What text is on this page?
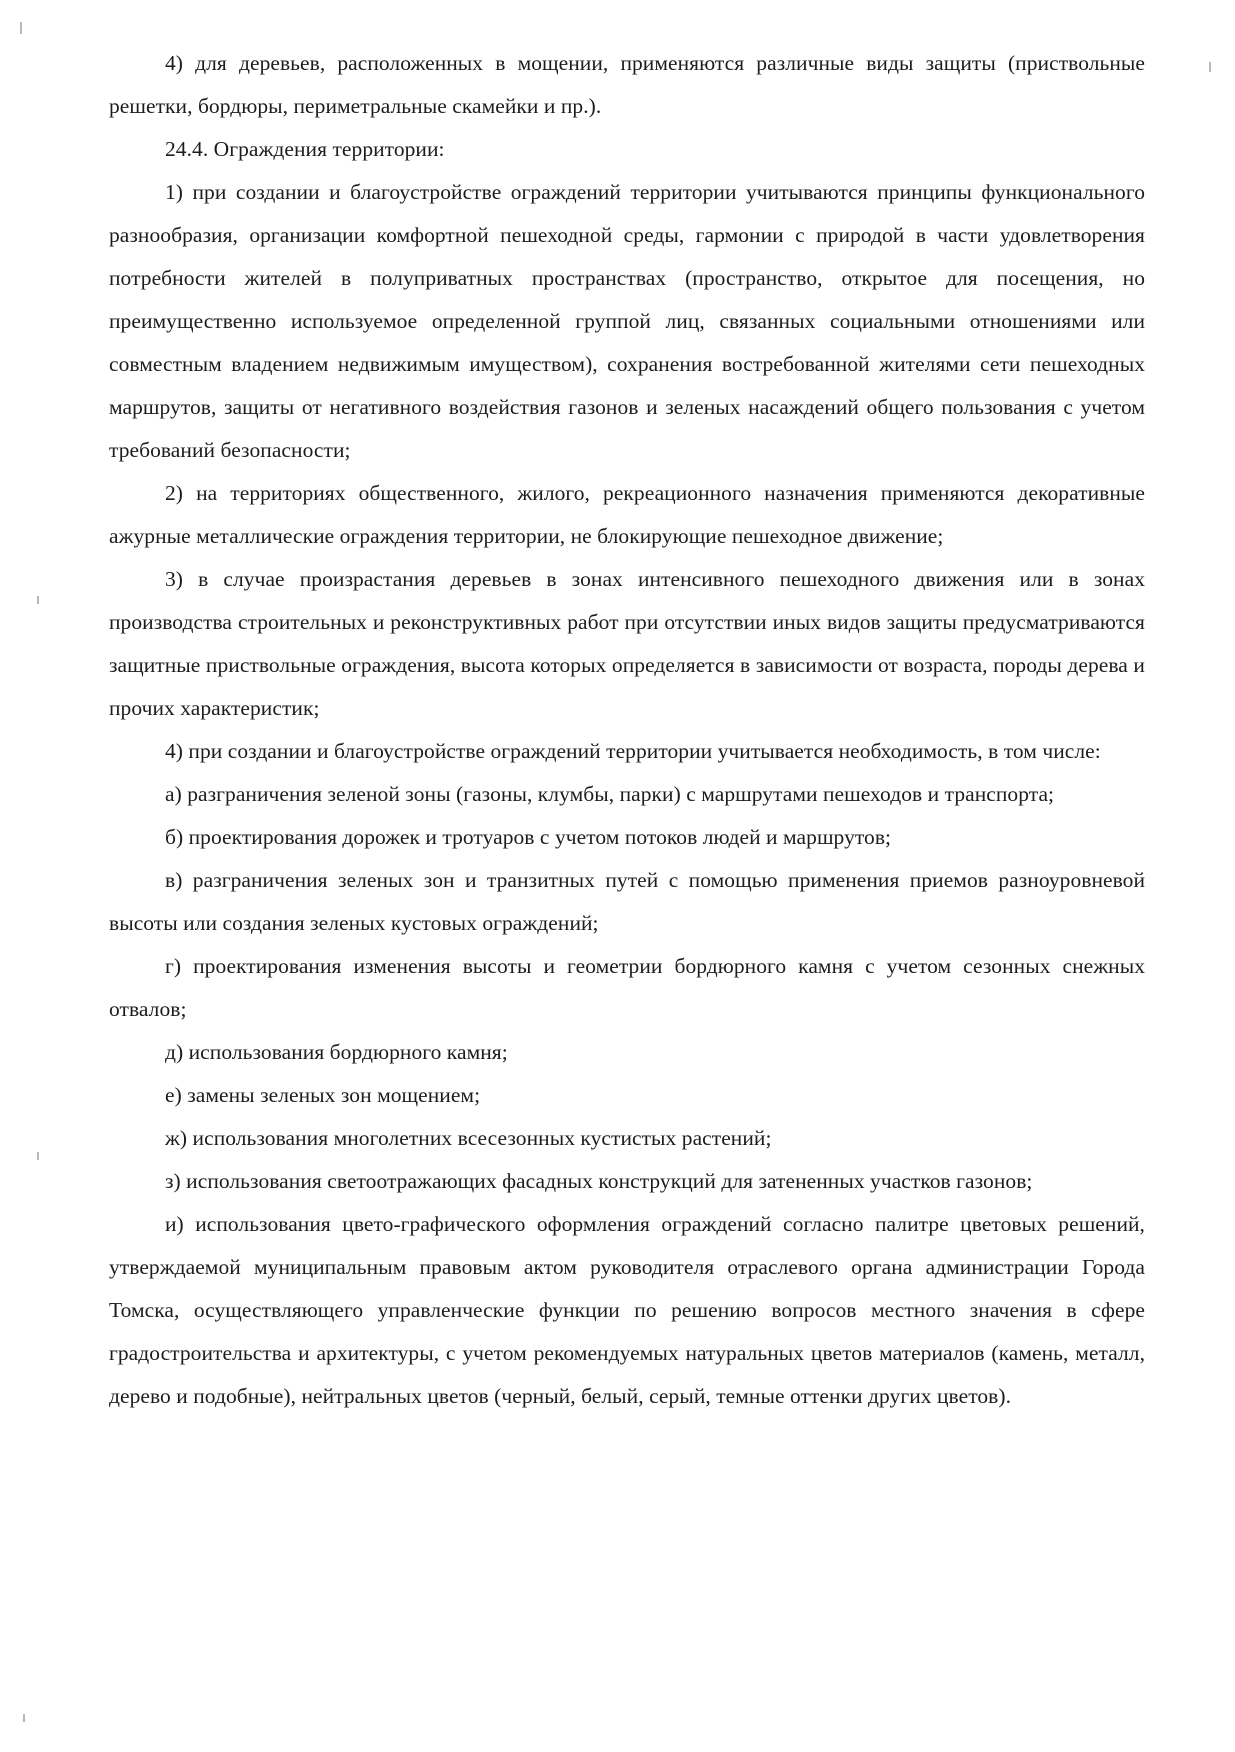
4) для деревьев, расположенных в мощении, применяются различные виды защиты (приствольные решетки, бордюры, периметральные скамейки и пр.).

24.4. Ограждения территории:

1) при создании и благоустройстве ограждений территории учитываются принципы функционального разнообразия, организации комфортной пешеходной среды, гармонии с природой в части удовлетворения потребности жителей в полуприватных пространствах (пространство, открытое для посещения, но преимущественно используемое определенной группой лиц, связанных социальными отношениями или совместным владением недвижимым имуществом), сохранения востребованной жителями сети пешеходных маршрутов, защиты от негативного воздействия газонов и зеленых насаждений общего пользования с учетом требований безопасности;

2) на территориях общественного, жилого, рекреационного назначения применяются декоративные ажурные металлические ограждения территории, не блокирующие пешеходное движение;

3) в случае произрастания деревьев в зонах интенсивного пешеходного движения или в зонах производства строительных и реконструктивных работ при отсутствии иных видов защиты предусматриваются защитные приствольные ограждения, высота которых определяется в зависимости от возраста, породы дерева и прочих характеристик;

4) при создании и благоустройстве ограждений территории учитывается необходимость, в том числе:

а) разграничения зеленой зоны (газоны, клумбы, парки) с маршрутами пешеходов и транспорта;

б) проектирования дорожек и тротуаров с учетом потоков людей и маршрутов;

в) разграничения зеленых зон и транзитных путей с помощью применения приемов разноуровневой высоты или создания зеленых кустовых ограждений;

г) проектирования изменения высоты и геометрии бордюрного камня с учетом сезонных снежных отвалов;

д) использования бордюрного камня;

е) замены зеленых зон мощением;

ж) использования многолетних всесезонных кустистых растений;

з) использования светоотражающих фасадных конструкций для затененных участков газонов;

и) использования цвето-графического оформления ограждений согласно палитре цветовых решений, утверждаемой муниципальным правовым актом руководителя отраслевого органа администрации Города Томска, осуществляющего управленческие функции по решению вопросов местного значения в сфере градостроительства и архитектуры, с учетом рекомендуемых натуральных цветов материалов (камень, металл, дерево и подобные), нейтральных цветов (черный, белый, серый, темные оттенки других цветов).
